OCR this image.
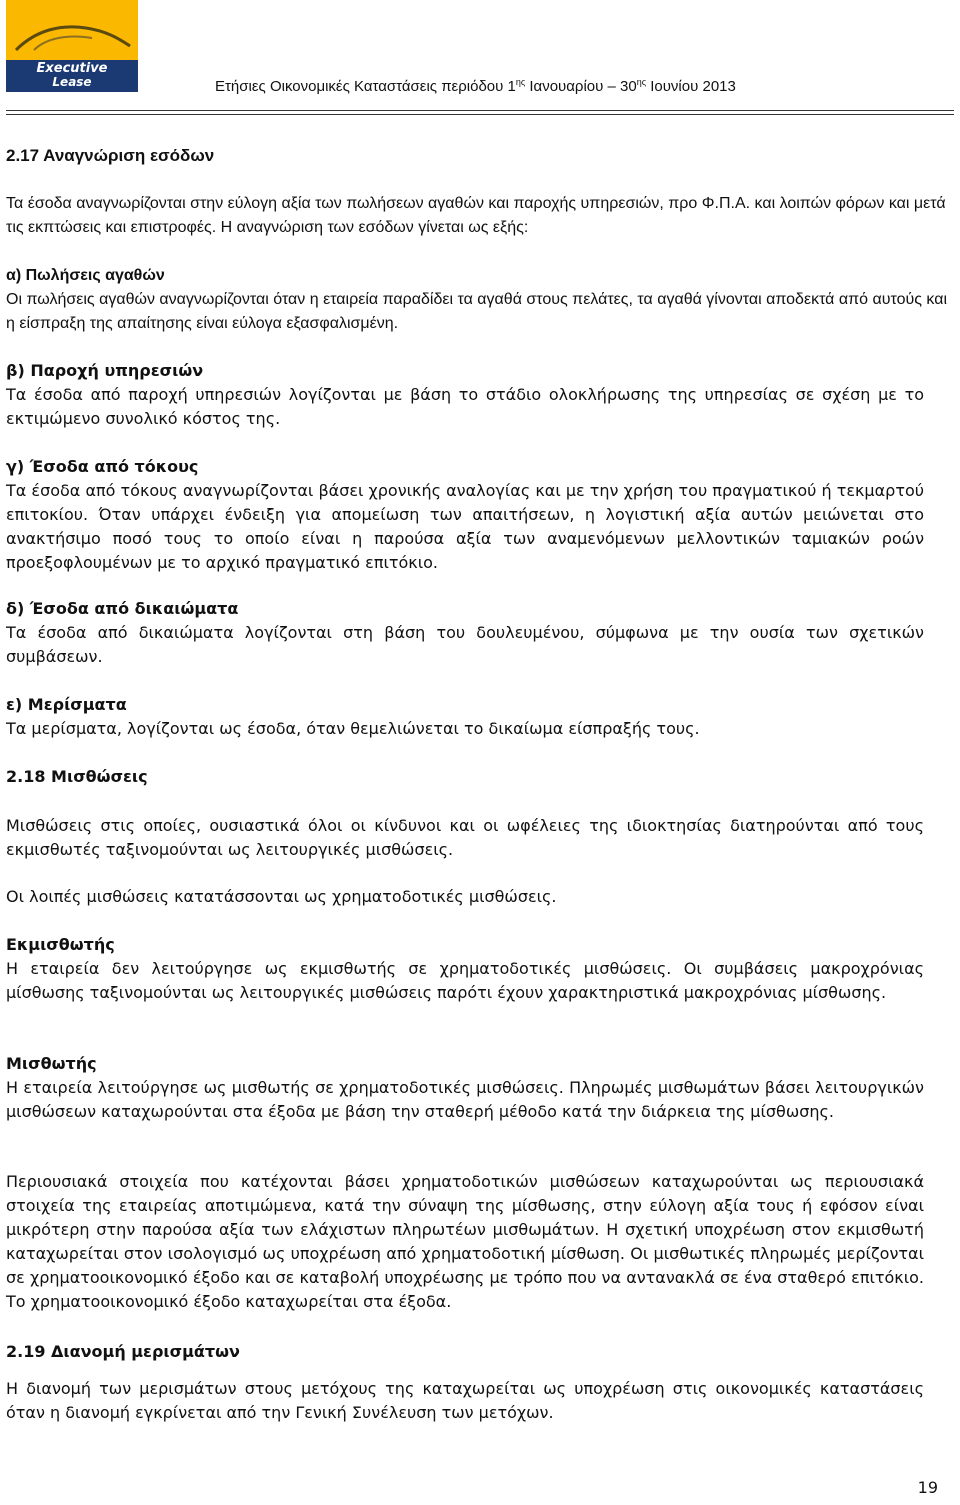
Executive
Lease	Ετήσιες Οικονομικές Καταστάσεις περιόδου $1^{\eta\varsigma}$ Ιανουαρίου – $30^{\eta\varsigma}$ Ιουνίου 2013

2.17 Αναγνώριση εσόδων

Τα έσοδα αναγνωρίζονται στην εύλογη αξία των πωλήσεων αγαθών και παροχής υπηρεσιών, προ Φ.Π.Α. και λοιπών φόρων και μετά τις εκπτώσεις και επιστροφές. Η αναγνώριση των εσόδων γίνεται ως εξής:

α) Πωλήσεις αγαθών

Οι πωλήσεις αγαθών αναγνωρίζονται όταν η εταιρεία παραδίδει τα αγαθά στους πελάτες, τα αγαθά γίνονται αποδεκτά από αυτούς και η είσπραξη της απαίτησης είναι εύλογα εξασφαλισμένη.

β) Παροχή υπηρεσιών

Τα έσοδα από παροχή υπηρεσιών λογίζονται με βάση το στάδιο ολοκλήρωσης της υπηρεσίας σε σχέση με το εκτιμώμενο συνολικό κόστος της.

γ) Έσοδα από τόκους

Τα έσοδα από τόκους αναγνωρίζονται βάσει χρονικής αναλογίας και με την χρήση του πραγματικού ή τεκμαρτού επιτοκίου. Όταν υπάρχει ένδειξη για απομείωση των απαιτήσεων, η λογιστική αξία αυτών μειώνεται στο ανακτήσιμο ποσό τους το οποίο είναι η παρούσα αξία των αναμενόμενων μελλοντικών ταμιακών ροών προεξοφλουμένων με το αρχικό πραγματικό επιτόκιο.

δ) Έσοδα από δικαιώματα

Τα έσοδα από δικαιώματα λογίζονται στη βάση του δουλευμένου, σύμφωνα με την ουσία των σχετικών συμβάσεων.

ε) Μερίσματα

Τα μερίσματα, λογίζονται ως έσοδα, όταν θεμελιώνεται το δικαίωμα είσπραξής τους.

2.18 Μισθώσεις

Μισθώσεις στις οποίες, ουσιαστικά όλοι οι κίνδυνοι και οι ωφέλειες της ιδιοκτησίας διατηρούνται από τους εκμισθωτές ταξινομούνται ως λειτουργικές μισθώσεις.

Οι λοιπές μισθώσεις κατατάσσονται ως χρηματοδοτικές μισθώσεις.

Εκμισθωτής

Η εταιρεία δεν λειτούργησε ως εκμισθωτής σε χρηματοδοτικές μισθώσεις. Οι συμβάσεις μακροχρόνιας μίσθωσης ταξινομούνται ως λειτουργικές μισθώσεις παρότι έχουν χαρακτηριστικά μακροχρόνιας μίσθωσης.

Μισθωτής

Η εταιρεία λειτούργησε ως μισθωτής σε χρηματοδοτικές μισθώσεις. Πληρωμές μισθωμάτων βάσει λειτουργικών μισθώσεων καταχωρούνται στα έξοδα με βάση την σταθερή μέθοδο κατά την διάρκεια της μίσθωσης.

Περιουσιακά στοιχεία που κατέχονται βάσει χρηματοδοτικών μισθώσεων καταχωρούνται ως περιουσιακά στοιχεία της εταιρείας αποτιμώμενα, κατά την σύναψη της μίσθωσης, στην εύλογη αξία τους ή εφόσον είναι μικρότερη στην παρούσα αξία των ελάχιστων πληρωτέων μισθωμάτων. Η σχετική υποχρέωση στον εκμισθωτή καταχωρείται στον ισολογισμό ως υποχρέωση από χρηματοδοτική μίσθωση. Οι μισθωτικές πληρωμές μερίζονται σε χρηματοοικονομικό έξοδο και σε καταβολή υποχρέωσης με τρόπο που να αντανακλά σε ένα σταθερό επιτόκιο. Το χρηματοοικονομικό έξοδο καταχωρείται στα έξοδα.

2.19 Διανομή μερισμάτων

Η διανομή των μερισμάτων στους μετόχους της καταχωρείται ως υποχρέωση στις οικονομικές καταστάσεις όταν η διανομή εγκρίνεται από την Γενική Συνέλευση των μετόχων.

19
